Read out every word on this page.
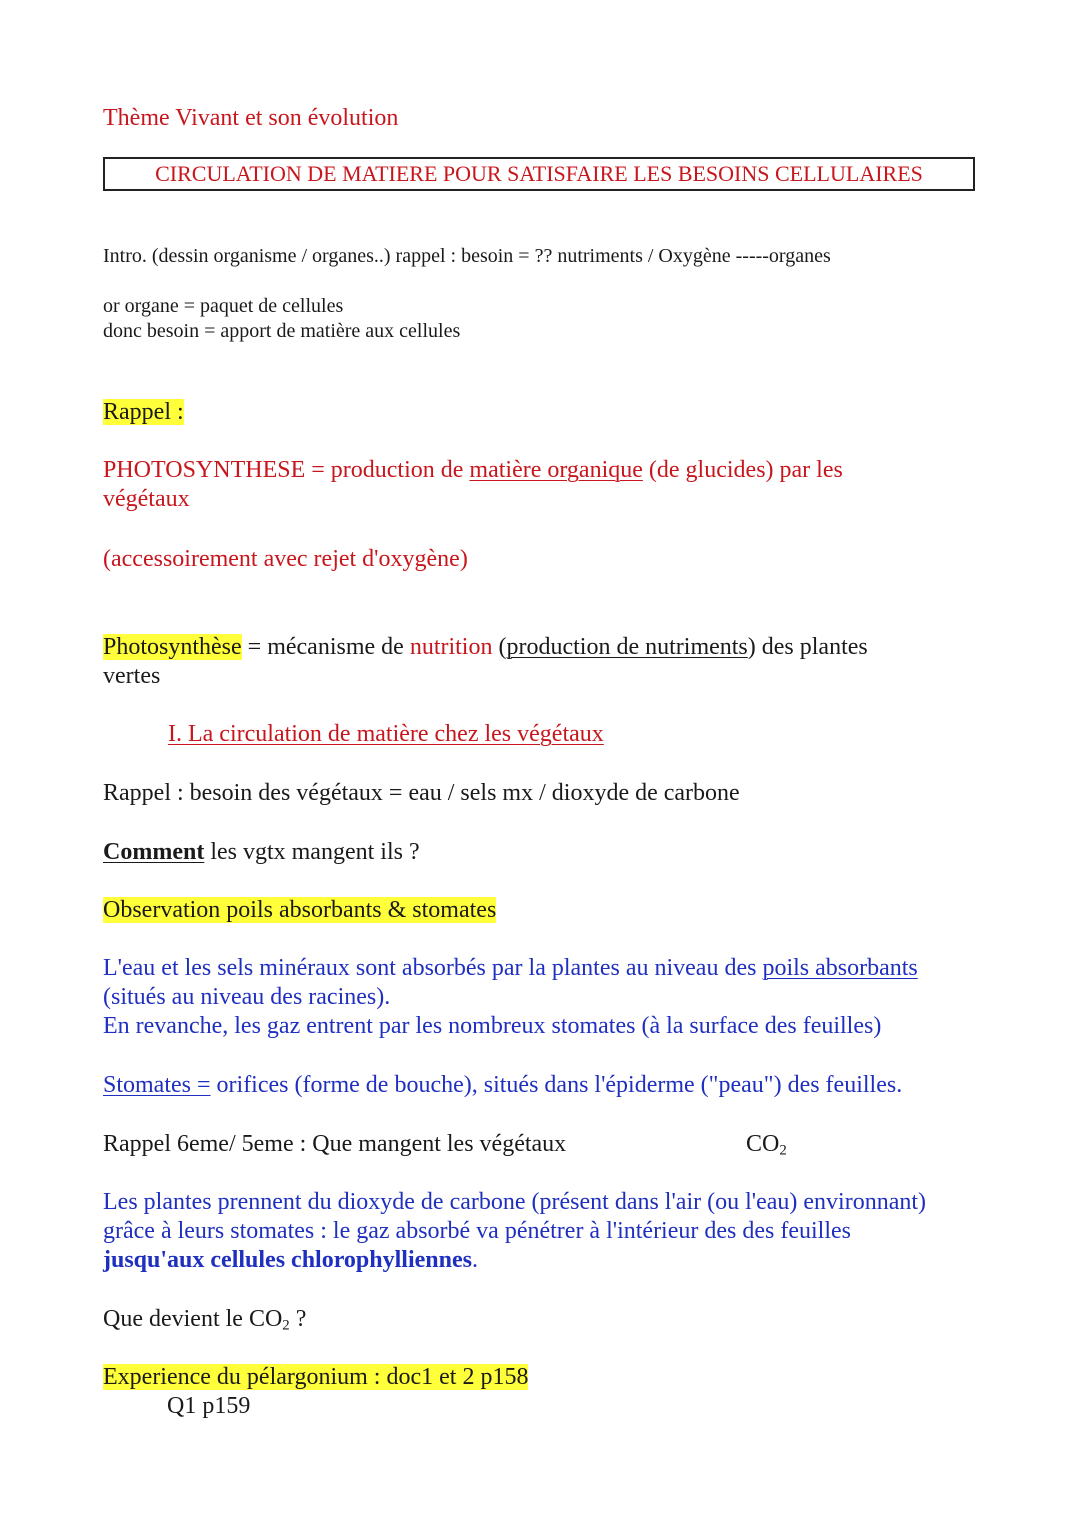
Thème Vivant et son évolution

CIRCULATION DE MATIERE POUR SATISFAIRE LES BESOINS CELLULAIRES

Intro. (dessin organisme / organes..) rappel : besoin = ?? nutriments / Oxygène -----organes

or organe = paquet de cellules

donc besoin = apport de matière aux cellules

Rappel :

PHOTOSYNTHESE = production de matière organique (de glucides) par les
végétaux

(accessoirement avec rejet d'oxygène)

Photosynthèse = mécanisme de nutrition (production de nutriments) des plantes
vertes

I. La circulation de matière chez les végétaux

Rappel : besoin des végétaux = eau / sels mx / dioxyde de carbone

Comment les vgtx mangent ils ?

Observation poils absorbants & stomates

L'eau et les sels minéraux sont absorbés par la plantes au niveau des poils absorbants
(situés au niveau des racines).
En revanche, les gaz entrent par les nombreux stomates (à la surface des feuilles)

Stomates = orifices (forme de bouche), situés dans l'épiderme ("peau") des feuilles.

Rappel 6eme/ 5eme : Que mangent les végétaux	$CO_2$

Les plantes prennent du dioxyde de carbone (présent dans l'air (ou l'eau) environnant)
grâce à leurs stomates : le gaz absorbé va pénétrer à l'intérieur des des feuilles
jusqu'aux cellules chlorophylliennes.

Que devient le $CO_2$ ?

Experience du pélargonium : doc1 et 2 p158

Q1 p159
